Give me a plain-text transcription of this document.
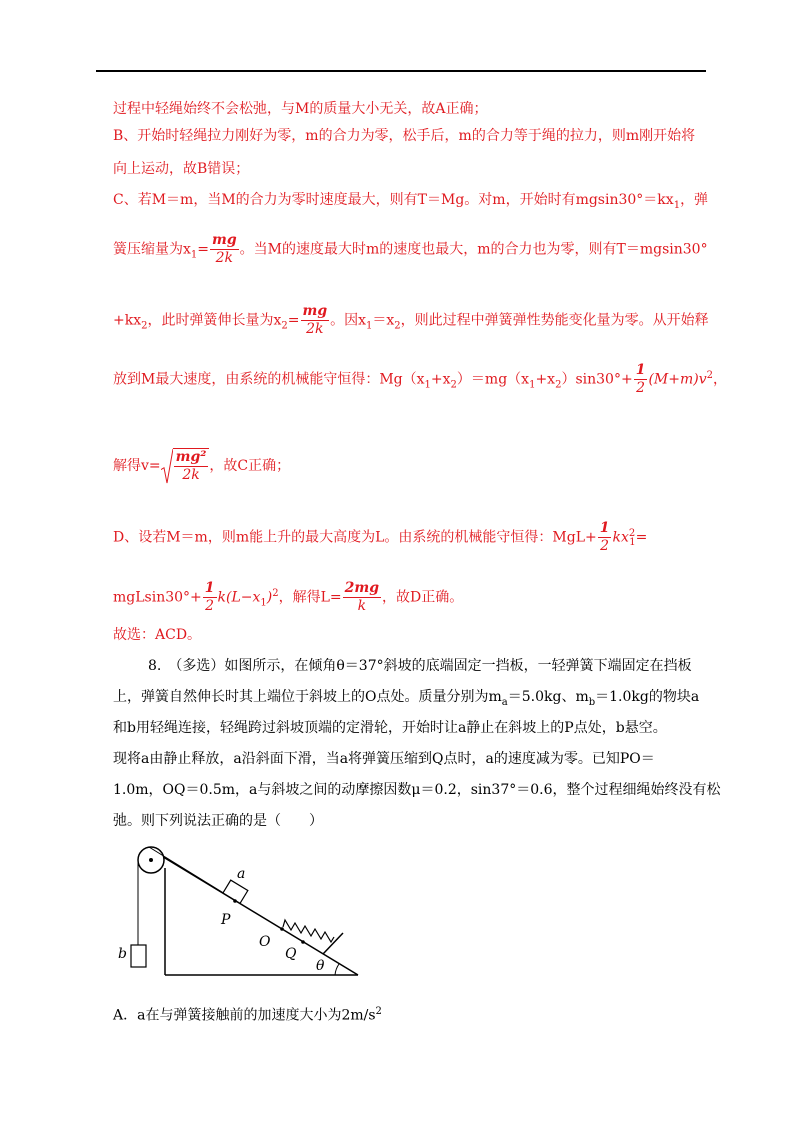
过程中轻绳始终不会松弛，与M的质量大小无关，故A正确；
B、开始时轻绳拉力刚好为零，m的合力为零，松手后，m的合力等于绳的拉力，则m刚开始将
向上运动，故B错误；
C、若M＝m，当M的合力为零时速度最大，则有T＝Mg。对m，开始时有$mgsin30^\circ=kx_1$，弹
簧压缩量为$x_1= \frac{mg}{2k}$ 。当M的速度最大时m的速度也最大，m的合力也为零，则有T＝mgsin30°
$+kx_2$，此时弹簧伸长量为$x_2= \frac{mg}{2k}$ 。因$x_1=x_2$，则此过程中弹簧弹性势能变化量为零。从开始释
放到M最大速度，由系统的机械能守恒得：$Mg(x_1+x_2)=mg(x_1+x_2)\sin 30^\circ+ \frac{1}{2} (M+m)v^2$，
解得$v= \frac{\text{mg²}}{2k}$ ，故C正确；
D、设若M＝m，则m能上升的最大高度为L。由系统的机械能守恒得：$MgL+ \frac{1}{2} kx^2_1=$
$mgLsin30^\circ+ \frac{1}{2} k(L-x_1)^2$，解得$L= \frac{2mg}{k}$ ，故D正确。
故选：ACD。
8.　（多选）如图所示，在倾角θ＝37°斜坡的底端固定一挡板，一轻弹簧下端固定在挡板
上，弹簧自然伸长时其上端位于斜坡上的O点处。质量分别为$m_a=5.0kg$、$m_b=1.0kg$的物块a
和b用轻绳连接，轻绳跨过斜坡顶端的定滑轮，开始时让a静止在斜坡上的P点处，b悬空。
现将a由静止释放，a沿斜面下滑，当a将弹簧压缩到Q点时，a的速度减为零。已知PO＝
1.0m，OQ＝0.5m，a与斜坡之间的动摩擦因数μ＝0.2，sin37°＝0.6，整个过程细绳始终没有松
弛。则下列说法正确的是（　　）
a
b
P
O
Q
θ
A．a在与弹簧接触前的加速度大小为$2m/s^2$
